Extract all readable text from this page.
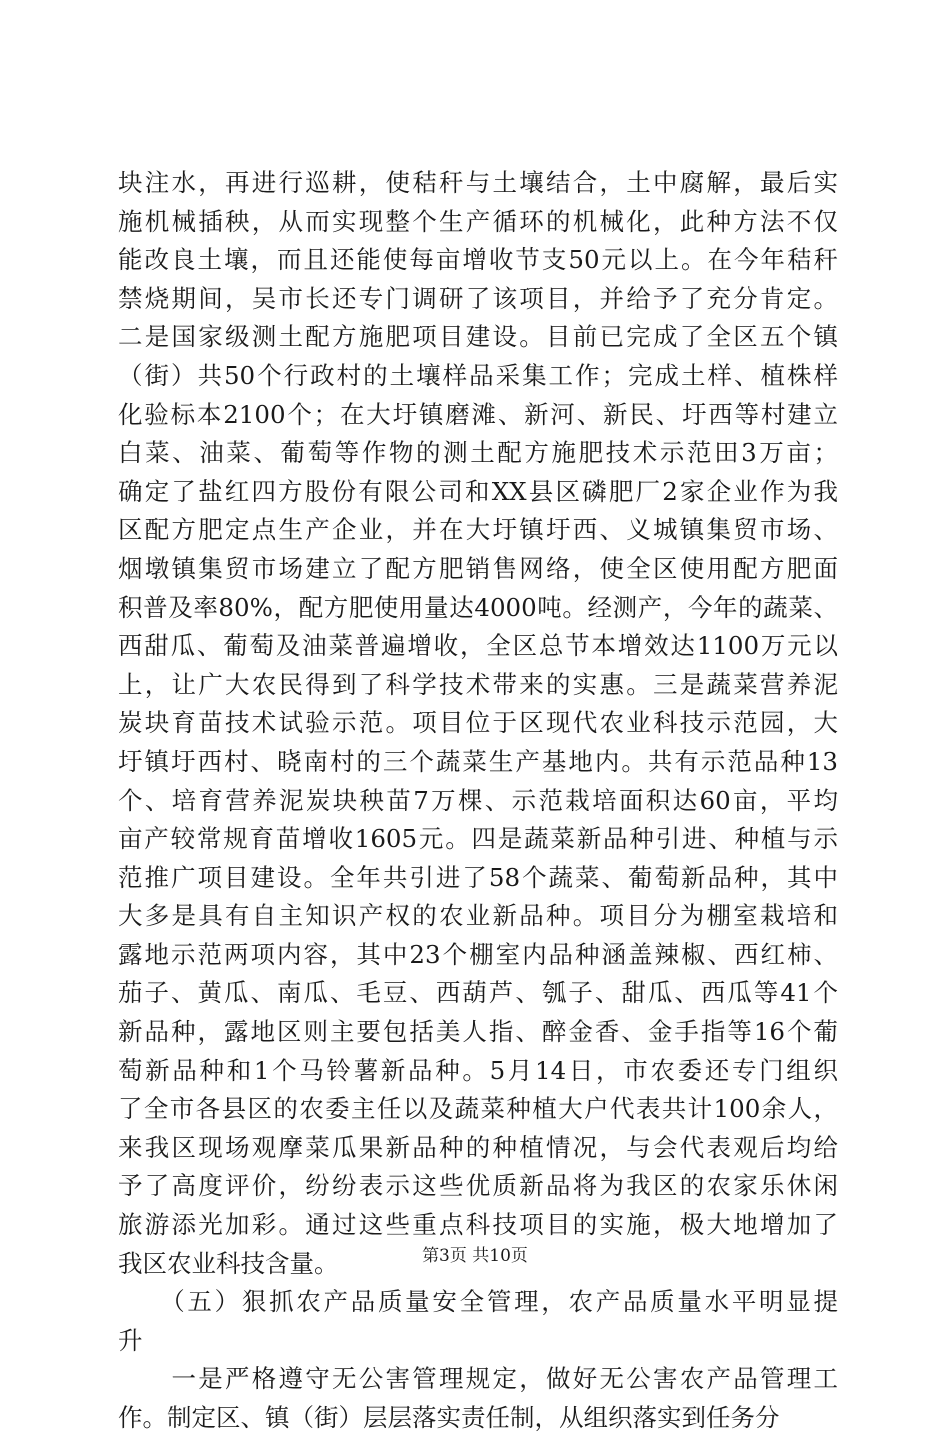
块注水，再进行巡耕，使秸秆与土壤结合，土中腐解，最后实
施机械插秧，从而实现整个生产循环的机械化，此种方法不仅
能改良土壤，而且还能使每亩增收节支50元以上。在今年秸秆
禁烧期间，吴市长还专门调研了该项目，并给予了充分肯定。
二是国家级测土配方施肥项目建设。目前已完成了全区五个镇
（街）共50个行政村的土壤样品采集工作；完成土样、植株样
化验标本2100个；在大圩镇磨滩、新河、新民、圩西等村建立
白菜、油菜、葡萄等作物的测土配方施肥技术示范田3万亩；
确定了盐红四方股份有限公司和XX县区磷肥厂2家企业作为我
区配方肥定点生产企业，并在大圩镇圩西、义城镇集贸市场、
烟墩镇集贸市场建立了配方肥销售网络，使全区使用配方肥面
积普及率80%，配方肥使用量达4000吨。经测产，今年的蔬菜、
西甜瓜、葡萄及油菜普遍增收，全区总节本增效达1100万元以
上，让广大农民得到了科学技术带来的实惠。三是蔬菜营养泥
炭块育苗技术试验示范。项目位于区现代农业科技示范园，大
圩镇圩西村、晓南村的三个蔬菜生产基地内。共有示范品种13
个、培育营养泥炭块秧苗7万棵、示范栽培面积达60亩，平均
亩产较常规育苗增收1605元。四是蔬菜新品种引进、种植与示
范推广项目建设。全年共引进了58个蔬菜、葡萄新品种，其中
大多是具有自主知识产权的农业新品种。项目分为棚室栽培和
露地示范两项内容，其中23个棚室内品种涵盖辣椒、西红柿、
茄子、黄瓜、南瓜、毛豆、西葫芦、瓠子、甜瓜、西瓜等41个
新品种，露地区则主要包括美人指、醉金香、金手指等16个葡
萄新品种和1个马铃薯新品种。5月14日，市农委还专门组织
了全市各县区的农委主任以及蔬菜种植大户代表共计100余人，
来我区现场观摩菜瓜果新品种的种植情况，与会代表观后均给
予了高度评价，纷纷表示这些优质新品将为我区的农家乐休闲
旅游添光加彩。通过这些重点科技项目的实施，极大地增加了
我区农业科技含量。
　　（五）狠抓农产品质量安全管理，农产品质量水平明显提
升
　　一是严格遵守无公害管理规定，做好无公害农产品管理工
作。制定区、镇（街）层层落实责任制，从组织落实到任务分
第3页 共10页
